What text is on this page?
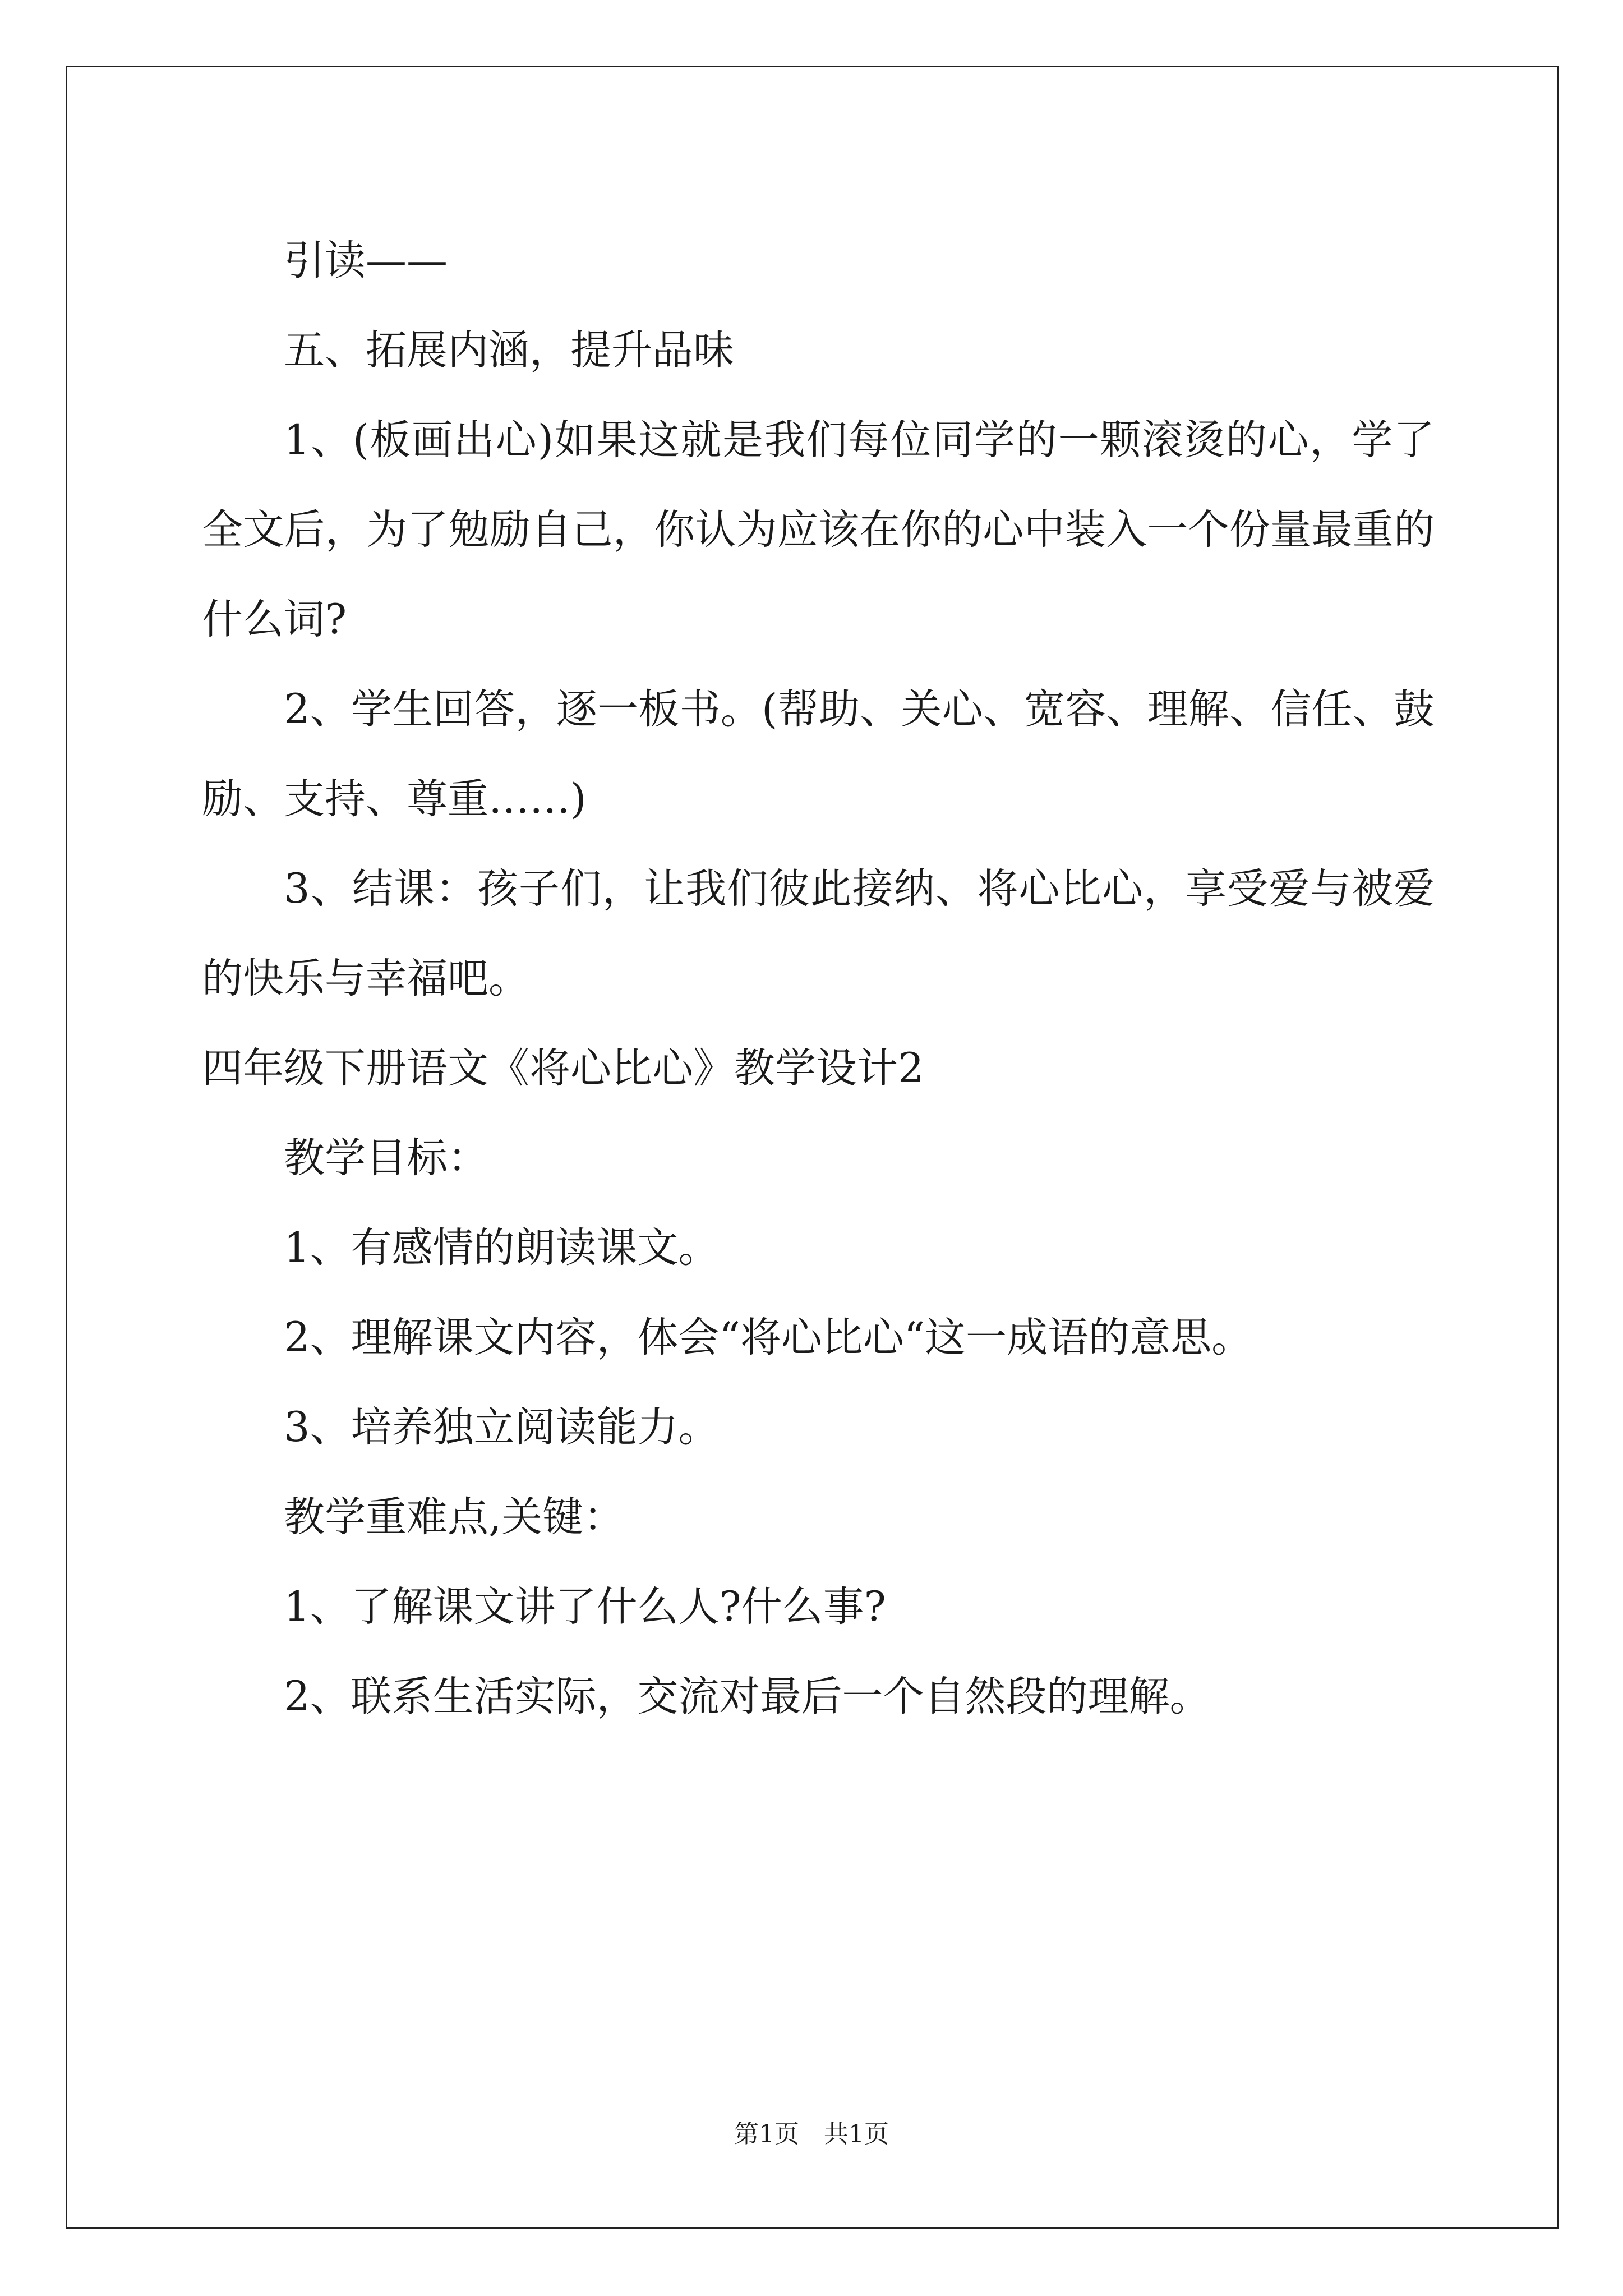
引读——

五、拓展内涵，提升品味

1、(板画出心)如果这就是我们每位同学的一颗滚烫的心，学了全文后，为了勉励自己，你认为应该在你的心中装入一个份量最重的什么词?

2、学生回答，逐一板书。(帮助、关心、宽容、理解、信任、鼓励、支持、尊重……)

3、结课：孩子们，让我们彼此接纳、将心比心，享受爱与被爱的快乐与幸福吧。

四年级下册语文《将心比心》教学设计2

教学目标：

1、有感情的朗读课文。

2、理解课文内容，体会“将心比心“这一成语的意思。

3、培养独立阅读能力。

教学重难点,关键：

1、了解课文讲了什么人?什么事?

2、联系生活实际，交流对最后一个自然段的理解。

第1页　共1页
